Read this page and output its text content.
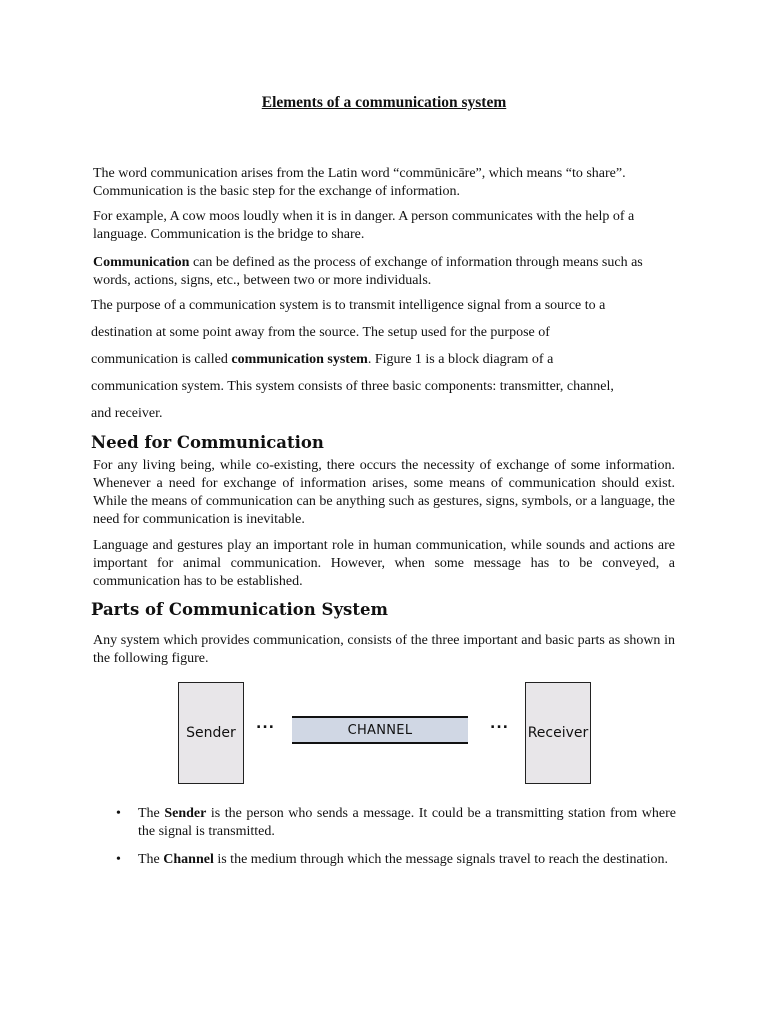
Elements of a communication system

The word communication arises from the Latin word “commūnicāre”, which means “to share”. Communication is the basic step for the exchange of information.

For example, A cow moos loudly when it is in danger. A person communicates with the help of a language. Communication is the bridge to share.

Communication can be defined as the process of exchange of information through means such as words, actions, signs, etc., between two or more individuals.

The purpose of a communication system is to transmit intelligence signal from a source to a

destination at some point away from the source. The setup used for the purpose of

communication is called communication system. Figure 1 is a block diagram of a

communication system. This system consists of three basic components: transmitter, channel,

and receiver.

Need for Communication

For any living being, while co-existing, there occurs the necessity of exchange of some information. Whenever a need for exchange of information arises, some means of communication should exist. While the means of communication can be anything such as gestures, signs, symbols, or a language, the need for communication is inevitable.

Language and gestures play an important role in human communication, while sounds and actions are important for animal communication. However, when some message has to be conveyed, a communication has to be established.

Parts of Communication System

Any system which provides communication, consists of the three important and basic parts as shown in the following figure.

Sender
...	CHANNEL	...
Receiver
• The Sender is the person who sends a message. It could be a transmitting station from where the signal is transmitted.
• The Channel is the medium through which the message signals travel to reach the destination.
